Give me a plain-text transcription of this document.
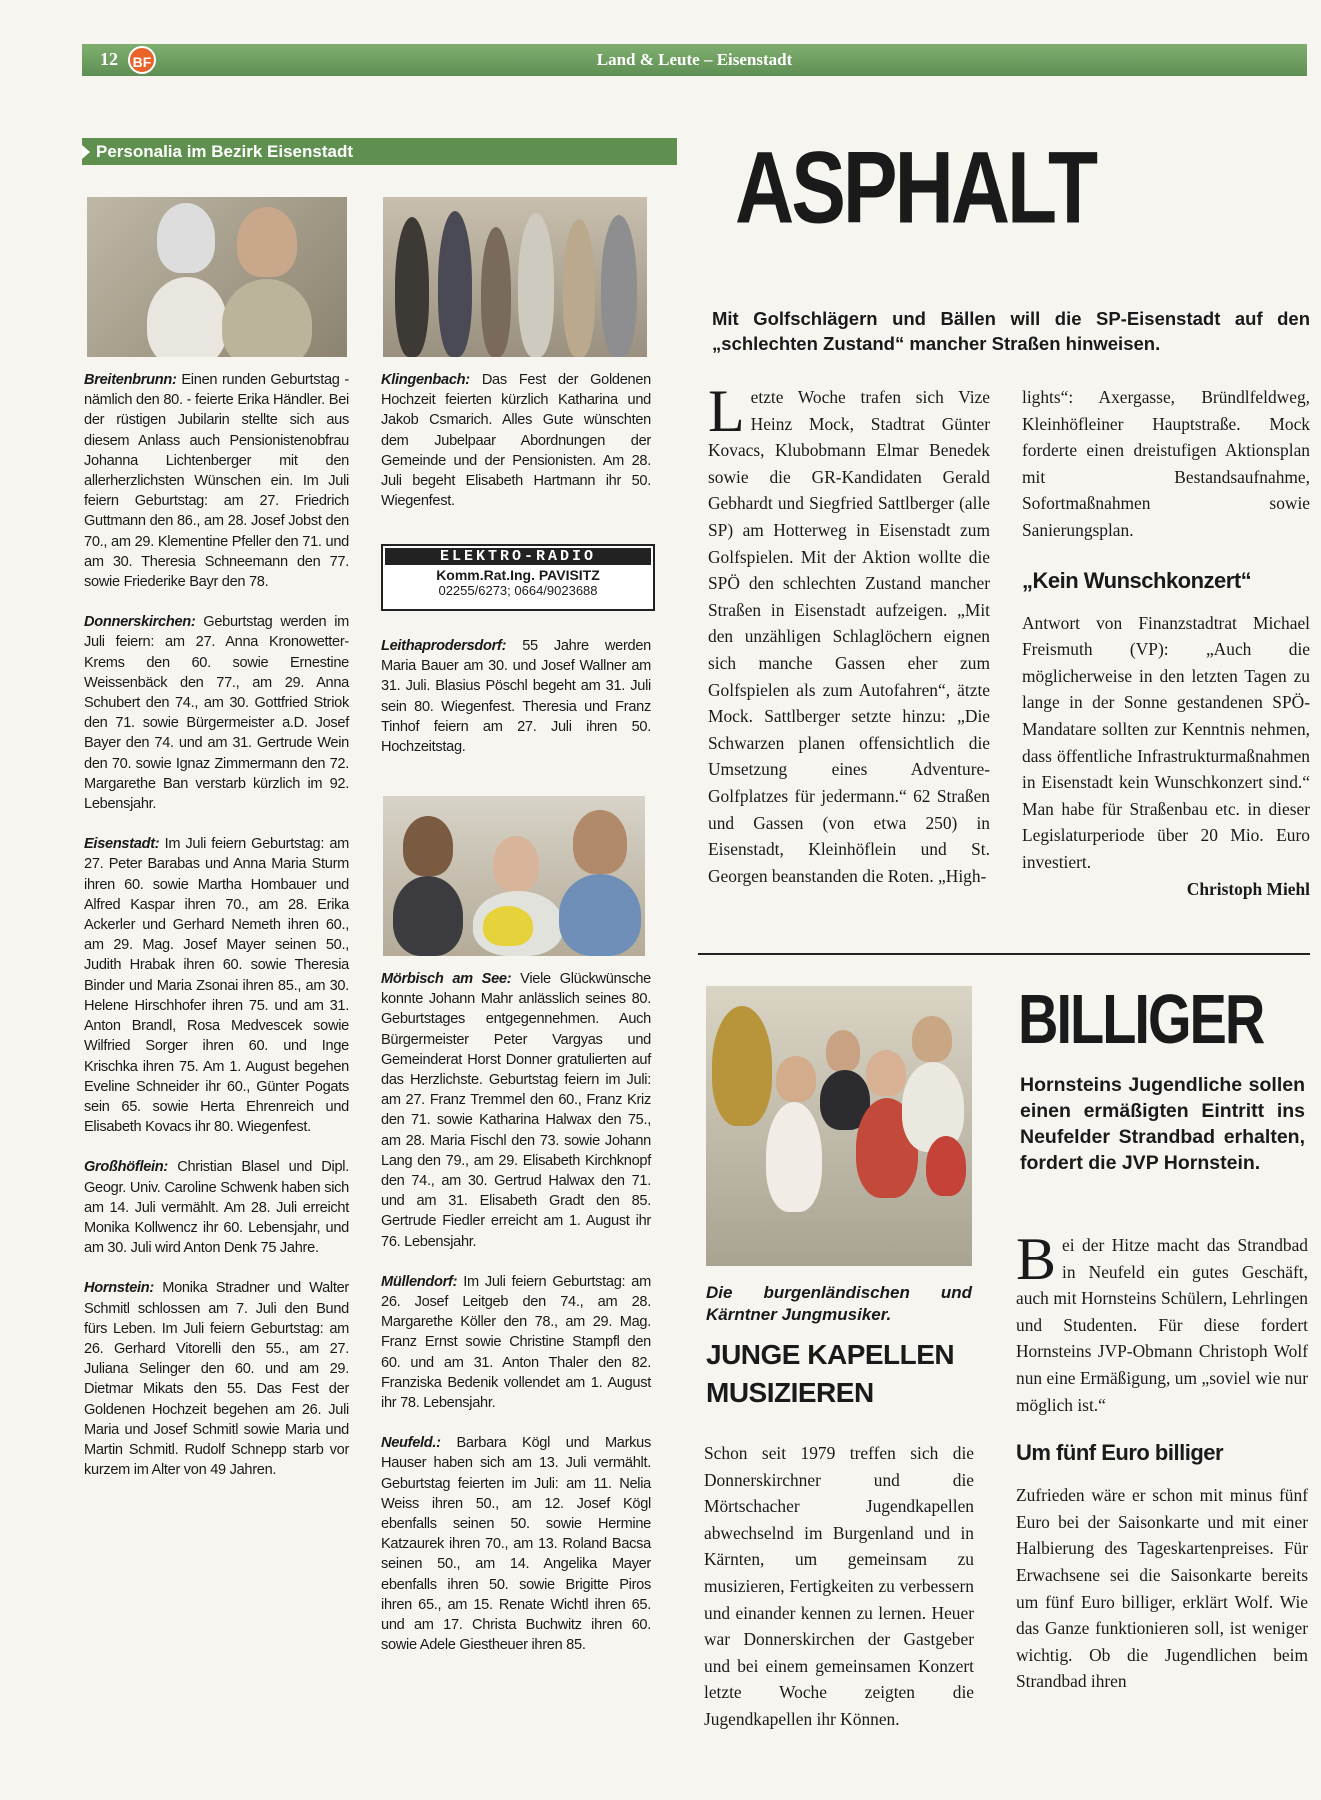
12	BF	Land & Leute – Eisenstadt
Personalia im Bezirk Eisenstadt

Breitenbrunn: Einen runden Geburtstag - nämlich den 80. - feierte Erika Händler. Bei der rüstigen Jubilarin stellte sich aus diesem Anlass auch Pensionistenobfrau Johanna Lichtenberger mit den allerherzlichsten Wünschen ein. Im Juli feiern Geburtstag: am 27. Friedrich Guttmann den 86., am 28. Josef Jobst den 70., am 29. Klementine Pfeller den 71. und am 30. Theresia Schneemann den 77. sowie Friederike Bayr den 78.

Donnerskirchen: Geburtstag werden im Juli feiern: am 27. Anna Kronowetter-Krems den 60. sowie Ernestine Weissenbäck den 77., am 29. Anna Schubert den 74., am 30. Gottfried Striok den 71. sowie Bürgermeister a.D. Josef Bayer den 74. und am 31. Gertrude Wein den 70. sowie Ignaz Zimmermann den 72. Margarethe Ban verstarb kürzlich im 92. Lebensjahr.

Eisenstadt: Im Juli feiern Geburtstag: am 27. Peter Barabas und Anna Maria Sturm ihren 60. sowie Martha Hombauer und Alfred Kaspar ihren 70., am 28. Erika Ackerler und Gerhard Nemeth ihren 60., am 29. Mag. Josef Mayer seinen 50., Judith Hrabak ihren 60. sowie Theresia Binder und Maria Zsonai ihren 85., am 30. Helene Hirschhofer ihren 75. und am 31. Anton Brandl, Rosa Medvescek sowie Wilfried Sorger ihren 60. und Inge Krischka ihren 75. Am 1. August begehen Eveline Schneider ihr 60., Günter Pogats sein 65. sowie Herta Ehrenreich und Elisabeth Kovacs ihr 80. Wiegenfest.

Großhöflein: Christian Blasel und Dipl. Geogr. Univ. Caroline Schwenk haben sich am 14. Juli vermählt. Am 28. Juli erreicht Monika Kollwencz ihr 60. Lebensjahr, und am 30. Juli wird Anton Denk 75 Jahre.

Hornstein: Monika Stradner und Walter Schmitl schlossen am 7. Juli den Bund fürs Leben. Im Juli feiern Geburtstag: am 26. Gerhard Vitorelli den 55., am 27. Juliana Selinger den 60. und am 29. Dietmar Mikats den 55. Das Fest der Goldenen Hochzeit begehen am 26. Juli Maria und Josef Schmitl sowie Maria und Martin Schmitl. Rudolf Schnepp starb vor kurzem im Alter von 49 Jahren.

Klingenbach: Das Fest der Goldenen Hochzeit feierten kürzlich Katharina und Jakob Csmarich. Alles Gute wünschten dem Jubelpaar Abordnungen der Gemeinde und der Pensionisten. Am 28. Juli begeht Elisabeth Hartmann ihr 50. Wiegenfest.

ELEKTRO-RADIO
Komm.Rat.Ing. PAVISITZ
02255/6273; 0664/9023688

Leithaprodersdorf: 55 Jahre werden Maria Bauer am 30. und Josef Wallner am 31. Juli. Blasius Pöschl begeht am 31. Juli sein 80. Wiegenfest. Theresia und Franz Tinhof feiern am 27. Juli ihren 50. Hochzeitstag.

Mörbisch am See: Viele Glückwünsche konnte Johann Mahr anlässlich seines 80. Geburtstages entgegennehmen. Auch Bürgermeister Peter Vargyas und Gemeinderat Horst Donner gratulierten auf das Herzlichste. Geburtstag feiern im Juli: am 27. Franz Tremmel den 60., Franz Kriz den 71. sowie Katharina Halwax den 75., am 28. Maria Fischl den 73. sowie Johann Lang den 79., am 29. Elisabeth Kirchknopf den 74., am 30. Gertrud Halwax den 71. und am 31. Elisabeth Gradt den 85. Gertrude Fiedler erreicht am 1. August ihr 76. Lebensjahr.

Müllendorf: Im Juli feiern Geburtstag: am 26. Josef Leitgeb den 74., am 28. Margarethe Köller den 78., am 29. Mag. Franz Ernst sowie Christine Stampfl den 60. und am 31. Anton Thaler den 82. Franziska Bedenik vollendet am 1. August ihr 78. Lebensjahr.

Neufeld.: Barbara Kögl und Markus Hauser haben sich am 13. Juli vermählt. Geburtstag feierten im Juli: am 11. Nelia Weiss ihren 50., am 12. Josef Kögl ebenfalls seinen 50. sowie Hermine Katzaurek ihren 70., am 13. Roland Bacsa seinen 50., am 14. Angelika Mayer ebenfalls ihren 50. sowie Brigitte Piros ihren 65., am 15. Renate Wichtl ihren 65. und am 17. Christa Buchwitz ihren 60. sowie Adele Giestheuer ihren 85.

ASPHALT
Mit Golfschlägern und Bällen will die SP-Eisenstadt auf den „schlechten Zustand“ mancher Straßen hinweisen.

Letzte Woche trafen sich Vize Heinz Mock, Stadtrat Günter Kovacs, Klubobmann Elmar Benedek sowie die GR-Kandidaten Gerald Gebhardt und Siegfried Sattlberger (alle SP) am Hotterweg in Eisenstadt zum Golfspielen. Mit der Aktion wollte die SPÖ den schlechten Zustand mancher Straßen in Eisenstadt aufzeigen. „Mit den unzähligen Schlaglöchern eignen sich manche Gassen eher zum Golfspielen als zum Autofahren“, ätzte Mock. Sattlberger setzte hinzu: „Die Schwarzen planen offensichtlich die Umsetzung eines Adventure-Golfplatzes für jedermann.“ 62 Straßen und Gassen (von etwa 250) in Eisenstadt, Kleinhöflein und St. Georgen beanstanden die Roten. „High-

lights“: Axergasse, Bründlfeldweg, Kleinhöfleiner Hauptstraße. Mock forderte einen dreistufigen Aktionsplan mit Bestandsaufnahme, Sofortmaßnahmen sowie Sanierungsplan.

„Kein Wunschkonzert“

Antwort von Finanzstadtrat Michael Freismuth (VP): „Auch die möglicherweise in den letzten Tagen zu lange in der Sonne gestandenen SPÖ-Mandatare sollten zur Kenntnis nehmen, dass öffentliche Infrastrukturmaßnahmen in Eisenstadt kein Wunschkonzert sind.“ Man habe für Straßenbau etc. in dieser Legislaturperiode über 20 Mio. Euro investiert.

Christoph Miehl
Die burgenländischen und Kärntner Jungmusiker.
JUNGE KAPELLEN MUSIZIEREN
Schon seit 1979 treffen sich die Donnerskirchner und die Mörtschacher Jugendkapellen abwechselnd im Burgenland und in Kärnten, um gemeinsam zu musizieren, Fertigkeiten zu verbessern und einander kennen zu lernen. Heuer war Donnerskirchen der Gastgeber und bei einem gemeinsamen Konzert letzte Woche zeigten die Jugendkapellen ihr Können.
BILLIGER
Hornsteins Jugendliche sollen einen ermäßigten Eintritt ins Neufelder Strandbad erhalten, fordert die JVP Hornstein.

Bei der Hitze macht das Strandbad in Neufeld ein gutes Geschäft, auch mit Hornsteins Schülern, Lehrlingen und Studenten. Für diese fordert Hornsteins JVP-Obmann Christoph Wolf nun eine Ermäßigung, um „soviel wie nur möglich ist.“

Um fünf Euro billiger

Zufrieden wäre er schon mit minus fünf Euro bei der Saisonkarte und mit einer Halbierung des Tageskartenpreises. Für Erwachsene sei die Saisonkarte bereits um fünf Euro billiger, erklärt Wolf. Wie das Ganze funktionieren soll, ist weniger wichtig. Ob die Jugendlichen beim Strandbad ihren
